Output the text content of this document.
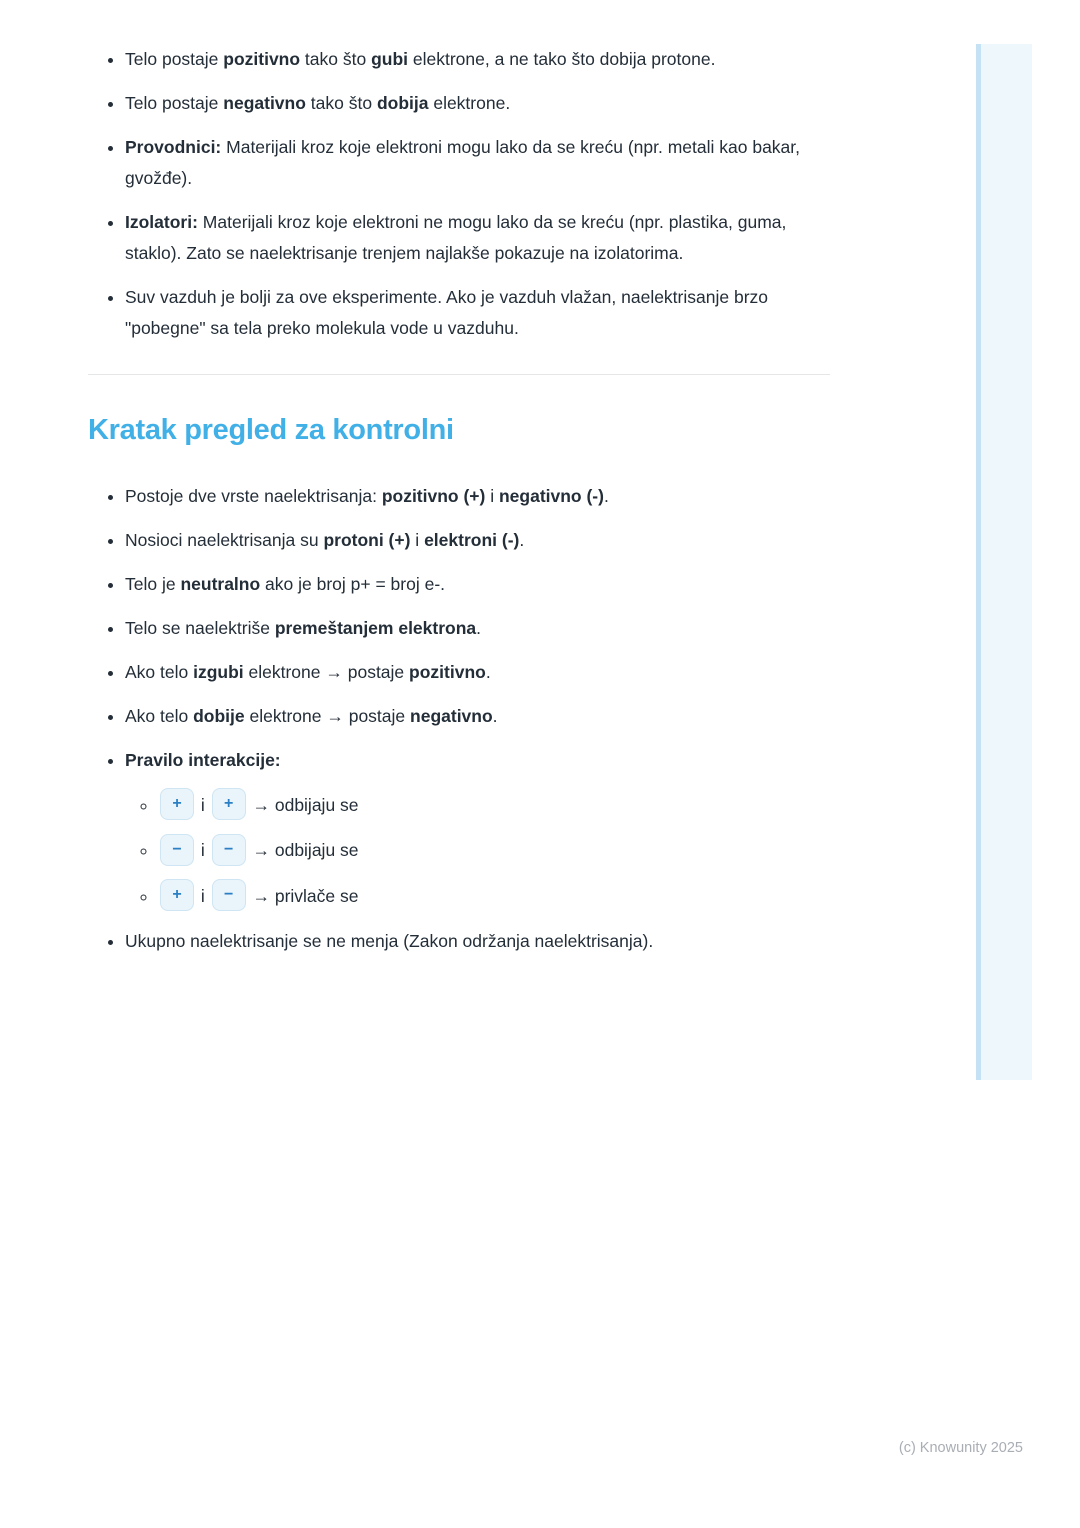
• Telo postaje pozitivno tako što gubi elektrone, a ne tako što dobija protone.
• Telo postaje negativno tako što dobija elektrone.
• Provodnici: Materijali kroz koje elektroni mogu lako da se kreću (npr. metali kao bakar, gvožđe).
• Izolatori: Materijali kroz koje elektroni ne mogu lako da se kreću (npr. plastika, guma, staklo). Zato se naelektrisanje trenjem najlakše pokazuje na izolatorima.
• Suv vazduh je bolji za ove eksperimente. Ako je vazduh vlažan, naelektrisanje brzo "pobegne" sa tela preko molekula vode u vazduhu.
Kratak pregled za kontrolni
• Postoje dve vrste naelektrisanja: pozitivno (+) i negativno (-).
• Nosioci naelektrisanja su protoni (+) i elektroni (-).
• Telo je neutralno ako je broj p+ = broj e-.
• Telo se naelektriše premeštanjem elektrona.
• Ako telo izgubi elektrone → postaje pozitivno.
• Ako telo dobije elektrone → postaje negativno.
• Pravilo interakcije:
◦ + i + → odbijaju se
◦ − i − → odbijaju se
◦ + i − → privlače se
• Ukupno naelektrisanje se ne menja (Zakon održanja naelektrisanja).
(c) Knowunity 2025
